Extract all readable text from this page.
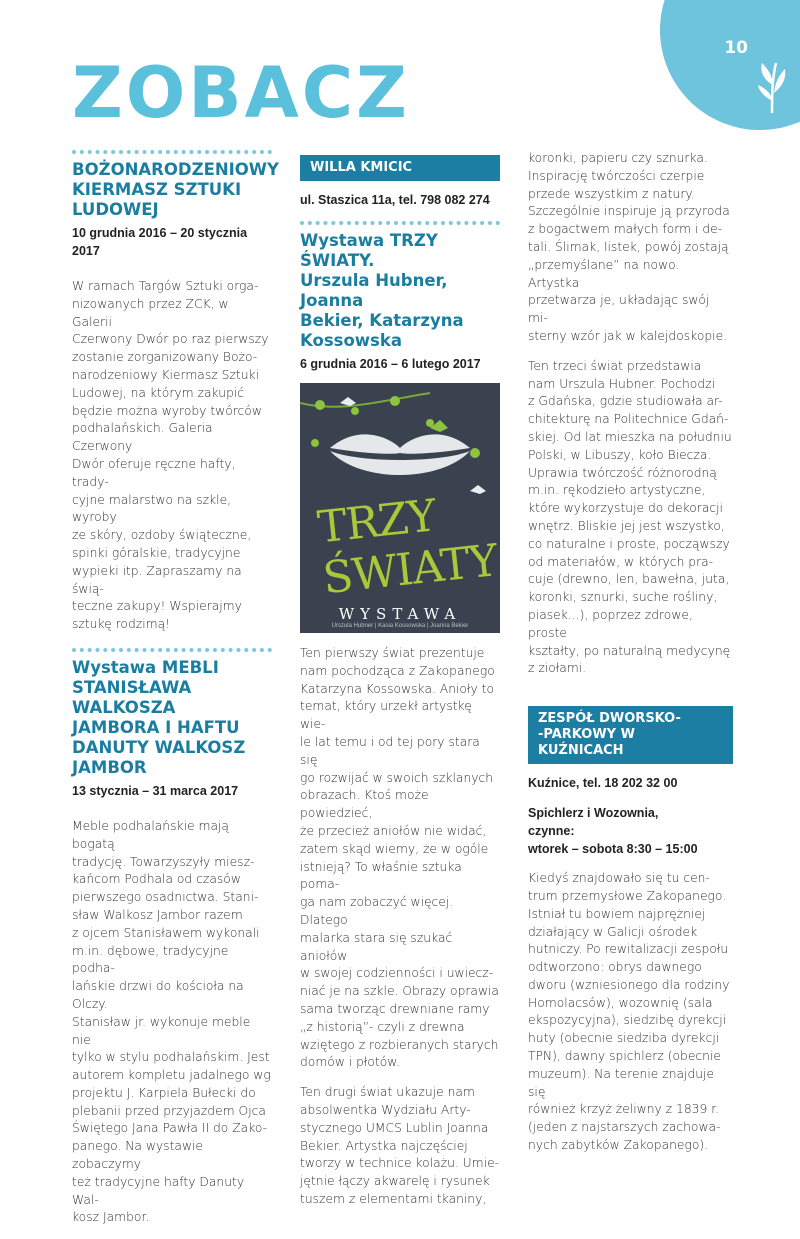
10
ZOBACZ
BOŻONARODZENIOWY
KIERMASZ SZTUKI
LUDOWEJ

10 grudnia 2016 – 20 stycznia
2017

W ramach Targów Sztuki orga-
nizowanych przez ZCK, w Galerii
Czerwony Dwór po raz pierwszy
zostanie zorganizowany Bożo-
narodzeniowy Kiermasz Sztuki
Ludowej, na którym zakupić
będzie można wyroby twórców
podhalańskich. Galeria Czerwony
Dwór oferuje ręczne hafty, trady-
cyjne malarstwo na szkle, wyroby
ze skóry, ozdoby świąteczne,
spinki góralskie, tradycyjne
wypieki itp. Zapraszamy na świą-
teczne zakupy! Wspierajmy
sztukę rodzimą!

Wystawa MEBLI
STANISŁAWA WALKOSZA
JAMBORA I HAFTU
DANUTY WALKOSZ
JAMBOR

13 stycznia – 31 marca 2017

Meble podhalańskie mają bogatą
tradycję. Towarzyszyły miesz-
kańcom Podhala od czasów
pierwszego osadnictwa. Stani-
sław Walkosz Jambor razem
z ojcem Stanisławem wykonali
m.in. dębowe, tradycyjne podha-
lańskie drzwi do kościoła na Olczy.
Stanisław jr. wykonuje meble nie
tylko w stylu podhalańskim. Jest
autorem kompletu jadalnego wg
projektu J. Karpiela Bułecki do
plebanii przed przyjazdem Ojca
Świętego Jana Pawła II do Zako-
panego. Na wystawie zobaczymy
też tradycyjne hafty Danuty Wal-
kosz Jambor.

WILLA KMICIC

ul. Staszica 11a, tel. 798 082 274

Wystawa TRZY ŚWIATY.
Urszula Hubner, Joanna
Bekier, Katarzyna
Kossowska

6 grudnia 2016 – 6 lutego 2017

TRZY ŚWIATY
WYSTAWA
Urszula Hubner | Kasia Kossowska | Joanna Bekier

Ten pierwszy świat prezentuje
nam pochodząca z Zakopanego
Katarzyna Kossowska. Anioły to
temat, który urzekł artystkę wie-
le lat temu i od tej pory stara się
go rozwijać w swoich szklanych
obrazach. Ktoś może powiedzieć,
że przecież aniołów nie widać,
zatem skąd wiemy, że w ogóle
istnieją? To właśnie sztuka poma-
ga nam zobaczyć więcej. Dlatego
malarka stara się szukać aniołów
w swojej codzienności i uwiecz-
niać je na szkle. Obrazy oprawia
sama tworząc drewniane ramy
„z historią”- czyli z drewna
wziętego z rozbieranych starych
domów i płotów.

Ten drugi świat ukazuje nam
absolwentka Wydziału Arty-
stycznego UMCS Lublin Joanna
Bekier. Artystka najczęściej
tworzy w technice kolażu. Umie-
jętnie łączy akwarelę i rysunek
tuszem z elementami tkaniny,

koronki, papieru czy sznurka.
Inspirację twórczości czerpie
przede wszystkim z natury.
Szczególnie inspiruje ją przyroda
z bogactwem małych form i de-
tali. Ślimak, listek, powój zostają
„przemyślane” na nowo. Artystka
przetwarza je, układając swój mi-
sterny wzór jak w kalejdoskopie.

Ten trzeci świat przedstawia
nam Urszula Hubner. Pochodzi
z Gdańska, gdzie studiowała ar-
chitekturę na Politechnice Gdań-
skiej. Od lat mieszka na południu
Polski, w Libuszy, koło Biecza.
Uprawia twórczość różnorodną
m.in. rękodzieło artystyczne,
które wykorzystuje do dekoracji
wnętrz. Bliskie jej jest wszystko,
co naturalne i proste, począwszy
od materiałów, w których pra-
cuje (drewno, len, bawełna, juta,
koronki, sznurki, suche rośliny,
piasek...), poprzez zdrowe, proste
kształty, po naturalną medycynę
z ziołami.

ZESPÓŁ DWORSKO-
-PARKOWY W KUŹNICACH

Kuźnice, tel. 18 202 32 00

Spichlerz i Wozownia,
czynne:
wtorek – sobota 8:30 – 15:00

Kiedyś znajdowało się tu cen-
trum przemysłowe Zakopanego.
Istniał tu bowiem najprężniej
działający w Galicji ośrodek
hutniczy. Po rewitalizacji zespołu
odtworzono: obrys dawnego
dworu (wzniesionego dla rodziny
Homolacsów), wozownię (sala
ekspozycyjna), siedzibę dyrekcji
huty (obecnie siedziba dyrekcji
TPN), dawny spichlerz (obecnie
muzeum). Na terenie znajduje się
również krzyż żeliwny z 1839 r.
(jeden z najstarszych zachowa-
nych zabytków Zakopanego).
